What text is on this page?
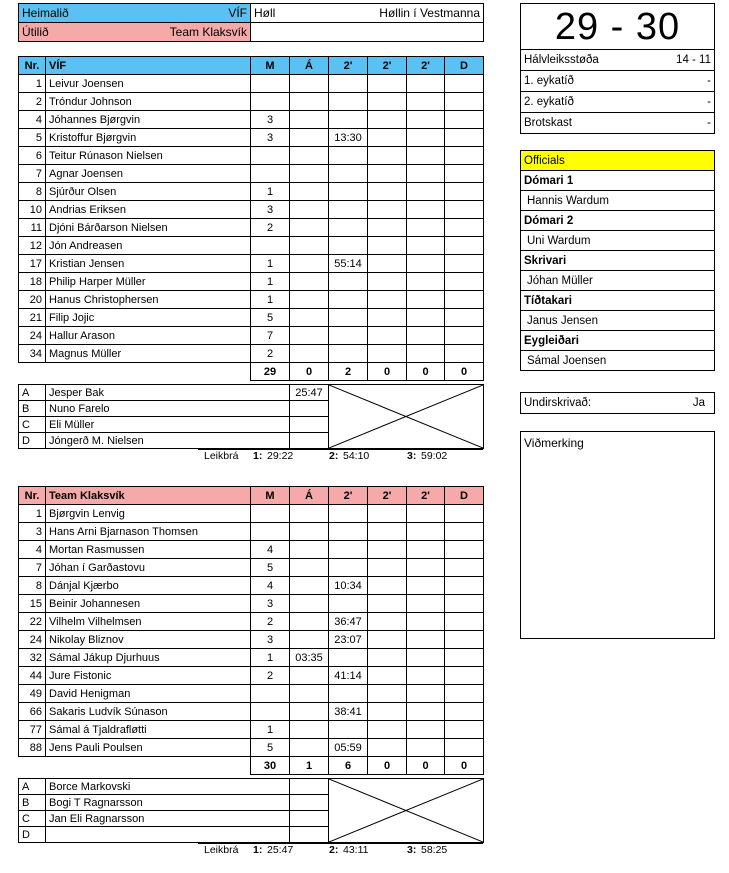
Heimalið VÍF	Høll Høllin í Vestmanna

Útilið Team Klaksvík	
		29 - 30
Hálvleiksstøða	14 - 11

1. eykatíð	-

2. eykatíð	-

Brotskast	-
Officials
Dómari 1
Hannis Wardum
Dómari 2
Uni Wardum
Skrivari
Jóhan Müller
Tíðtakari
Janus Jensen
Eygleiðari
Sámal Joensen
Undirskrivað:	Ja
Viðmerking
Nr.	VÍF	M	Á	2'	2'	2'	D
1	Leivur Joensen						
2	Tróndur Johnson						
4	Jóhannes Bjørgvin	3					
5	Kristoffur Bjørgvin	3		13:30			
6	Teitur Rúnason Nielsen						
7	Agnar Joensen						
8	Sjúrður Olsen	1					
10	Andrias Eriksen	3					
11	Djóni Bárðarson Nielsen	2					
12	Jón Andreasen						
17	Kristian Jensen	1		55:14			
18	Philip Harper Müller	1					
20	Hanus Christophersen	1					
21	Filip Jojic	5					
24	Hallur Arason	7					
34	Magnus Müller	2					
		29	0	2	0	0	0
A	Jesper Bak	25:47	

B	Nuno Farelo		
C	Eli Müller		
D	Jóngerð M. Nielsen		
Leikbrá 1: 29:22	2: 54:10	3: 59:02
Nr.	Team Klaksvík	M	Á	2'	2'	2'	D
1	Bjørgvin Lenvig						
3	Hans Arni Bjarnason Thomsen						
4	Mortan Rasmussen	4					
7	Jóhan í Garðastovu	5					
8	Dánjal Kjærbo	4		10:34			
15	Beinir Johannesen	3					
22	Vilhelm Vilhelmsen	2		36:47			
24	Nikolay Bliznov	3		23:07			
32	Sámal Jákup Djurhuus	1	03:35				
44	Jure Fistonic	2		41:14			
49	David Henigman						
66	Sakaris Ludvík Súnason			38:41			
77	Sámal á Tjaldrafløtti	1					
88	Jens Pauli Poulsen	5		05:59			
		30	1	6	0	0	0
A	Borce Markovski		

B	Bogi T Ragnarsson		
C	Jan Eli Ragnarsson		
D			
Leikbrá 1: 25:47	2: 43:11	3: 58:25
